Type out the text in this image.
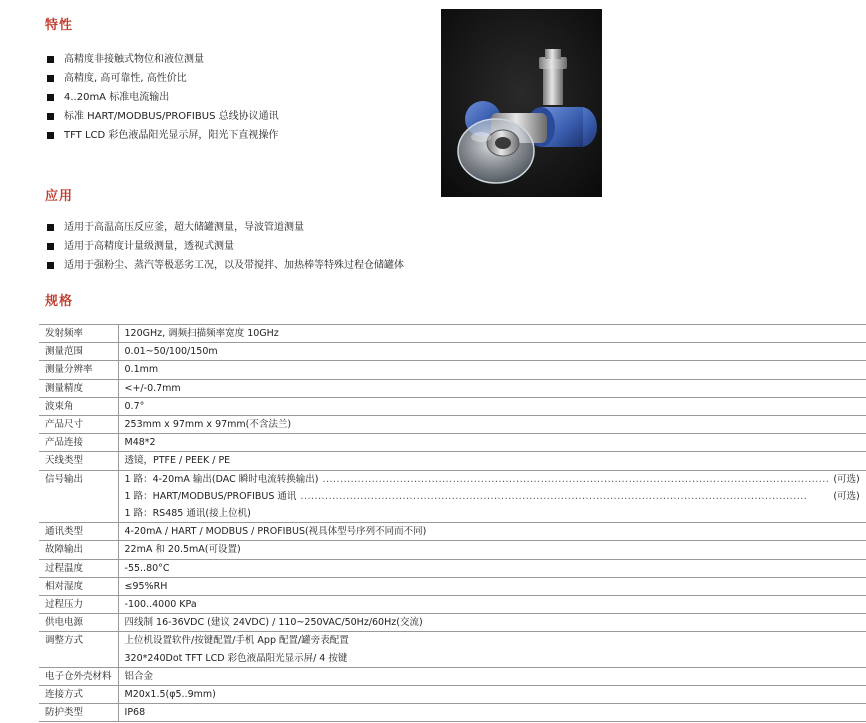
特性
高精度非接触式物位和液位测量
高精度, 高可靠性, 高性价比
4..20mA 标准电流输出
标准 HART/MODBUS/PROFIBUS 总线协议通讯
TFT LCD 彩色液晶阳光显示屏，阳光下直视操作
应用
适用于高温高压反应釜，超大储罐测量，导波管道测量
适用于高精度计量级测量，透视式测量
适用于强粉尘、蒸汽等极恶劣工况，以及带搅拌、加热棒等特殊过程仓储罐体
规格
发射频率	120GHz, 调频扫描频率宽度 10GHz
测量范围	0.01~50/100/150m
测量分辨率	0.1mm
测量精度	<+/-0.7mm
波束角	0.7°
产品尺寸	253mm x 97mm x 97mm(不含法兰)
产品连接	M48*2
天线类型	透镜，PTFE / PEEK / PE
信号输出	1 路：4-20mA 输出(DAC 瞬时电流转换输出) ..... (可选)
1 路：HART/MODBUS/PROFIBUS 通讯 ..... (可选)
1 路：RS485 通讯(接上位机)

通讯类型	4-20mA / HART / MODBUS / PROFIBUS(视具体型号序列不同而不同)
故障输出	22mA 和 20.5mA(可设置)
过程温度	-55..80°C
相对湿度	≤95%RH
过程压力	-100..4000 KPa
供电电源	四线制 16-36VDC (建议 24VDC) / 110~250VAC/50Hz/60Hz(交流)
调整方式	上位机设置软件/按键配置/手机 App 配置/罐旁表配置
320*240Dot TFT LCD 彩色液晶阳光显示屏/ 4 按键

电子仓外壳材料	铝合金
连接方式	M20x1.5(φ5..9mm)
防护类型	IP68
